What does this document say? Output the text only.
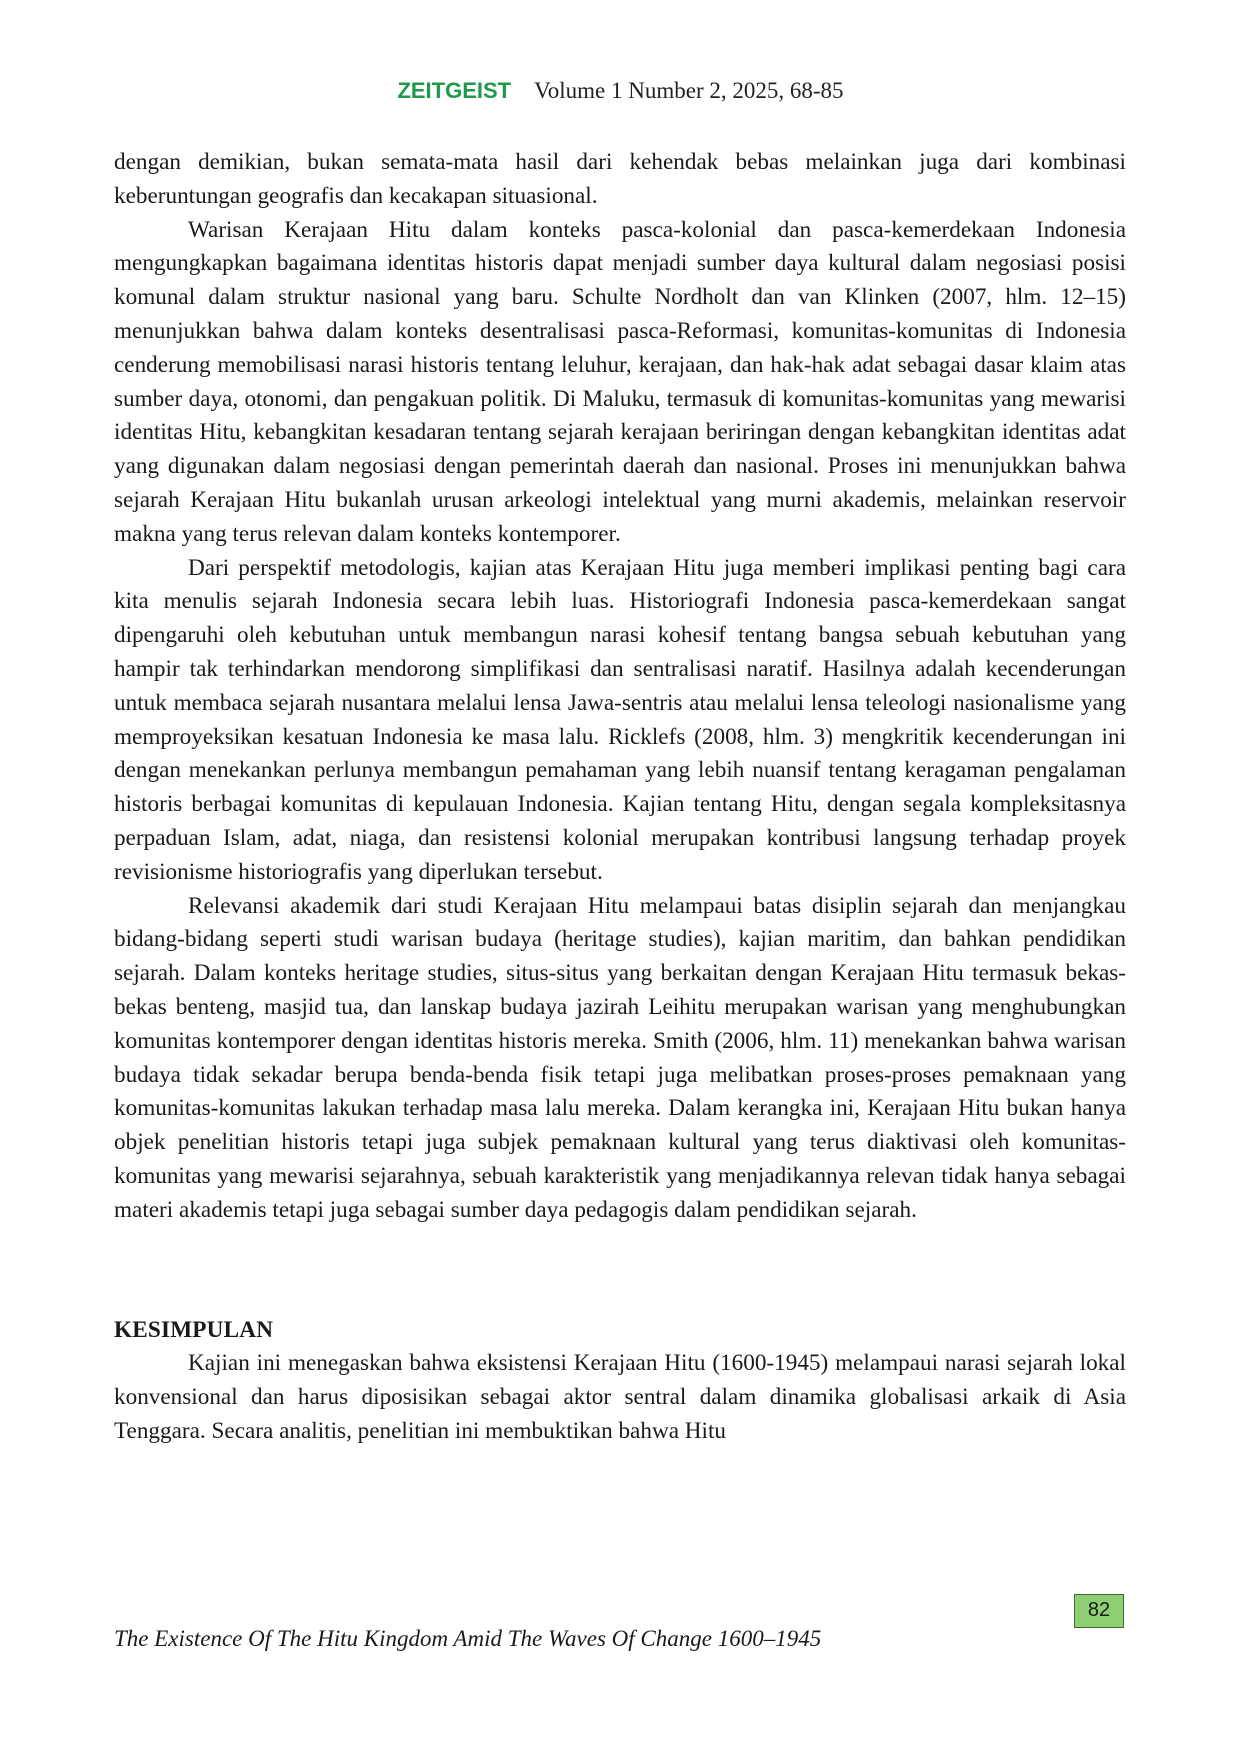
ZEITGEIST Volume 1 Number 2, 2025, 68-85

dengan demikian, bukan semata-mata hasil dari kehendak bebas melainkan juga dari kombinasi keberuntungan geografis dan kecakapan situasional.

Warisan Kerajaan Hitu dalam konteks pasca-kolonial dan pasca-kemerdekaan Indonesia mengungkapkan bagaimana identitas historis dapat menjadi sumber daya kultural dalam negosiasi posisi komunal dalam struktur nasional yang baru. Schulte Nordholt dan van Klinken (2007, hlm. 12–15) menunjukkan bahwa dalam konteks desentralisasi pasca-Reformasi, komunitas-komunitas di Indonesia cenderung memobilisasi narasi historis tentang leluhur, kerajaan, dan hak-hak adat sebagai dasar klaim atas sumber daya, otonomi, dan pengakuan politik. Di Maluku, termasuk di komunitas-komunitas yang mewarisi identitas Hitu, kebangkitan kesadaran tentang sejarah kerajaan beriringan dengan kebangkitan identitas adat yang digunakan dalam negosiasi dengan pemerintah daerah dan nasional. Proses ini menunjukkan bahwa sejarah Kerajaan Hitu bukanlah urusan arkeologi intelektual yang murni akademis, melainkan reservoir makna yang terus relevan dalam konteks kontemporer.

Dari perspektif metodologis, kajian atas Kerajaan Hitu juga memberi implikasi penting bagi cara kita menulis sejarah Indonesia secara lebih luas. Historiografi Indonesia pasca-kemerdekaan sangat dipengaruhi oleh kebutuhan untuk membangun narasi kohesif tentang bangsa sebuah kebutuhan yang hampir tak terhindarkan mendorong simplifikasi dan sentralisasi naratif. Hasilnya adalah kecenderungan untuk membaca sejarah nusantara melalui lensa Jawa-sentris atau melalui lensa teleologi nasionalisme yang memproyeksikan kesatuan Indonesia ke masa lalu. Ricklefs (2008, hlm. 3) mengkritik kecenderungan ini dengan menekankan perlunya membangun pemahaman yang lebih nuansif tentang keragaman pengalaman historis berbagai komunitas di kepulauan Indonesia. Kajian tentang Hitu, dengan segala kompleksitasnya perpaduan Islam, adat, niaga, dan resistensi kolonial merupakan kontribusi langsung terhadap proyek revisionisme historiografis yang diperlukan tersebut.

Relevansi akademik dari studi Kerajaan Hitu melampaui batas disiplin sejarah dan menjangkau bidang-bidang seperti studi warisan budaya (heritage studies), kajian maritim, dan bahkan pendidikan sejarah. Dalam konteks heritage studies, situs-situs yang berkaitan dengan Kerajaan Hitu termasuk bekas-bekas benteng, masjid tua, dan lanskap budaya jazirah Leihitu merupakan warisan yang menghubungkan komunitas kontemporer dengan identitas historis mereka. Smith (2006, hlm. 11) menekankan bahwa warisan budaya tidak sekadar berupa benda-benda fisik tetapi juga melibatkan proses-proses pemaknaan yang komunitas-komunitas lakukan terhadap masa lalu mereka. Dalam kerangka ini, Kerajaan Hitu bukan hanya objek penelitian historis tetapi juga subjek pemaknaan kultural yang terus diaktivasi oleh komunitas-komunitas yang mewarisi sejarahnya, sebuah karakteristik yang menjadikannya relevan tidak hanya sebagai materi akademis tetapi juga sebagai sumber daya pedagogis dalam pendidikan sejarah.

KESIMPULAN

Kajian ini menegaskan bahwa eksistensi Kerajaan Hitu (1600-1945) melampaui narasi sejarah lokal konvensional dan harus diposisikan sebagai aktor sentral dalam dinamika globalisasi arkaik di Asia Tenggara. Secara analitis, penelitian ini membuktikan bahwa Hitu

82
The Existence Of The Hitu Kingdom Amid The Waves Of Change 1600–1945
